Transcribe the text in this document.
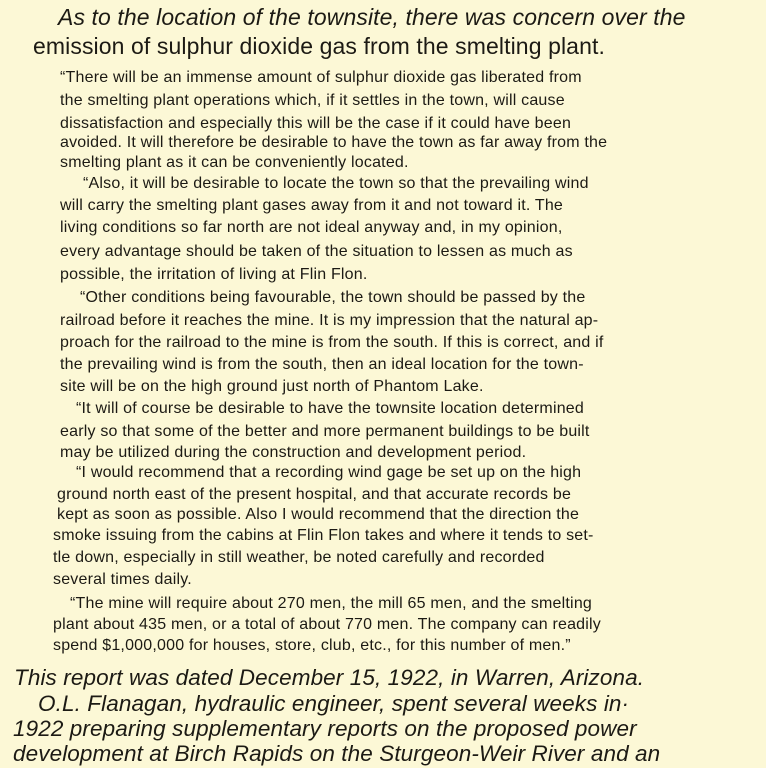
As to the location of the townsite, there was concern over the
emission of sulphur dioxide gas from the smelting plant.
“There will be an immense amount of sulphur dioxide gas liberated from
the smelting plant operations which, if it settles in the town, will cause
dissatisfaction and especially this will be the case if it could have been
avoided. It will therefore be desirable to have the town as far away from the
smelting plant as it can be conveniently located.
“Also, it will be desirable to locate the town so that the prevailing wind
will carry the smelting plant gases away from it and not toward it. The
living conditions so far north are not ideal anyway and, in my opinion,
every advantage should be taken of the situation to lessen as much as
possible, the irritation of living at Flin Flon.
“Other conditions being favourable, the town should be passed by the
railroad before it reaches the mine. It is my impression that the natural ap-
proach for the railroad to the mine is from the south. If this is correct, and if
the prevailing wind is from the south, then an ideal location for the town-
site will be on the high ground just north of Phantom Lake.
“It will of course be desirable to have the townsite location determined
early so that some of the better and more permanent buildings to be built
may be utilized during the construction and development period.
“I would recommend that a recording wind gage be set up on the high
ground north east of the present hospital, and that accurate records be
kept as soon as possible. Also I would recommend that the direction the
smoke issuing from the cabins at Flin Flon takes and where it tends to set-
tle down, especially in still weather, be noted carefully and recorded
several times daily.
“The mine will require about 270 men, the mill 65 men, and the smelting
plant about 435 men, or a total of about 770 men. The company can readily
spend $1,000,000 for houses, store, club, etc., for this number of men.”
This report was dated December 15, 1922, in Warren, Arizona.
O.L. Flanagan, hydraulic engineer, spent several weeks in·
1922 preparing supplementary reports on the proposed power
development at Birch Rapids on the Sturgeon-Weir River and an
